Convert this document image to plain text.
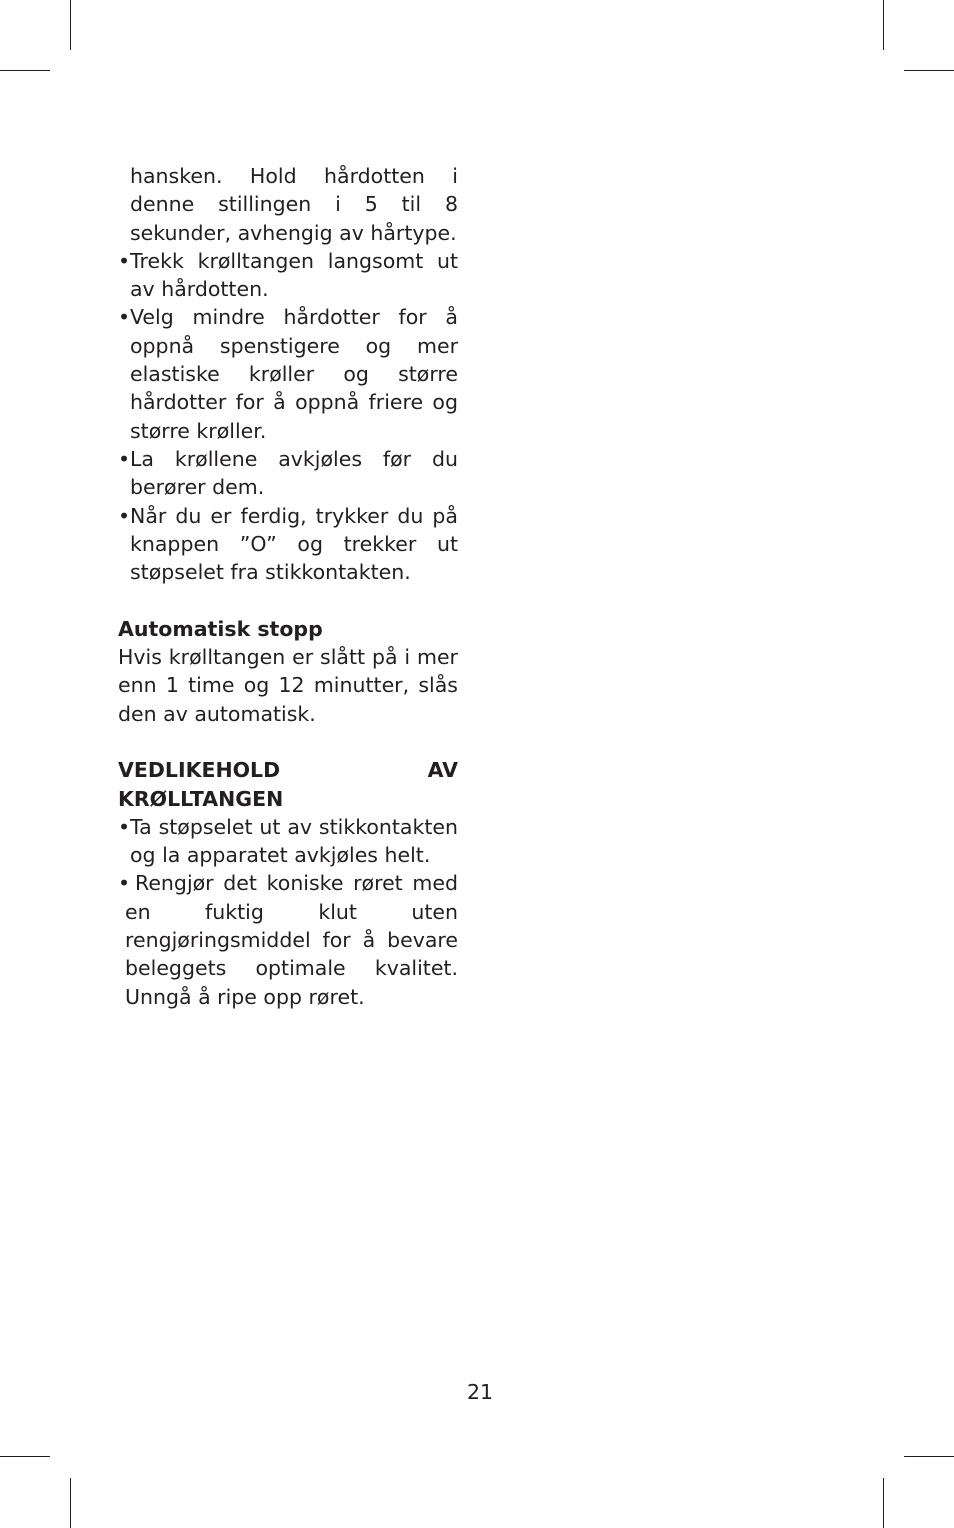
hansken. Hold hårdotten i denne stillingen i 5 til 8 sekunder, avhengig av hårtype.

• Trekk krølltangen langsomt ut av hårdotten.
• Velg mindre hårdotter for å oppnå spenstigere og mer elastiske krøller og større hårdotter for å oppnå friere og større krøller.
• La krøllene avkjøles før du berører dem.
• Når du er ferdig, trykker du på knappen ”O” og trekker ut støpselet fra stikkontakten.
Automatisk stopp

Hvis krølltangen er slått på i mer enn 1 time og 12 minutter, slås den av automatisk.

VEDLIKEHOLD AV KRØLLTANGEN
• Ta støpselet ut av stikkontakten og la apparatet avkjøles helt.
• Rengjør det koniske røret med en fuktig klut uten rengjøringsmiddel for å bevare beleggets optimale kvalitet. Unngå å ripe opp røret.
21
